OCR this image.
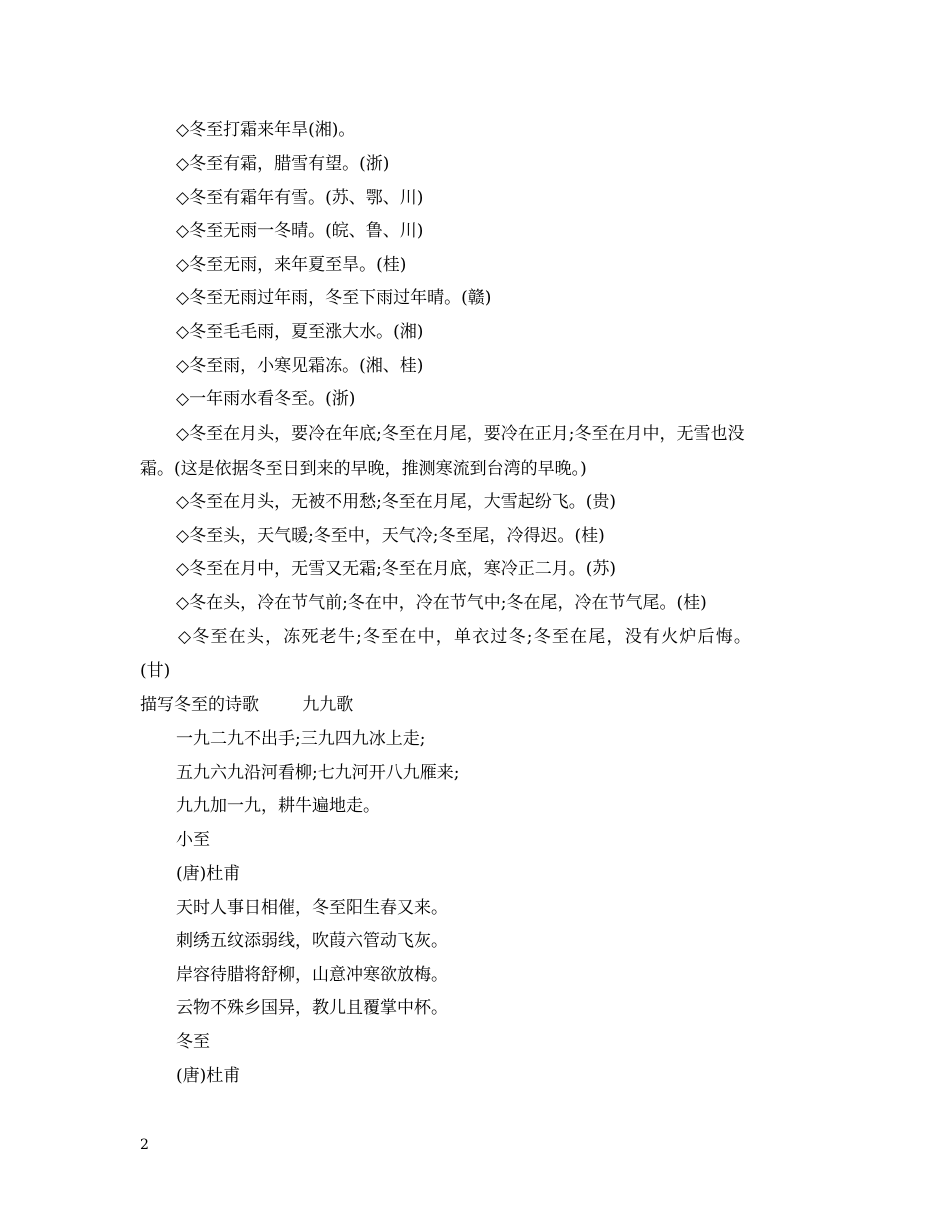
◇冬至打霜来年旱(湘)。
◇冬至有霜，腊雪有望。(浙)
◇冬至有霜年有雪。(苏、鄂、川)
◇冬至无雨一冬晴。(皖、鲁、川)
◇冬至无雨，来年夏至旱。(桂)
◇冬至无雨过年雨，冬至下雨过年晴。(赣)
◇冬至毛毛雨，夏至涨大水。(湘)
◇冬至雨，小寒见霜冻。(湘、桂)
◇一年雨水看冬至。(浙)
◇冬至在月头，要冷在年底;冬至在月尾，要冷在正月;冬至在月中，无雪也没
霜。(这是依据冬至日到来的早晚，推测寒流到台湾的早晚。)
◇冬至在月头，无被不用愁;冬至在月尾，大雪起纷飞。(贵)
◇冬至头，天气暖;冬至中，天气冷;冬至尾，冷得迟。(桂)
◇冬至在月中，无雪又无霜;冬至在月底，寒冷正二月。(苏)
◇冬在头，冷在节气前;冬在中，冷在节气中;冬在尾，冷在节气尾。(桂)
◇冬至在头，冻死老牛;冬至在中，单衣过冬;冬至在尾，没有火炉后悔。
(甘)
描写冬至的诗歌        九九歌
一九二九不出手;三九四九冰上走;
五九六九沿河看柳;七九河开八九雁来;
九九加一九，耕牛遍地走。
小至
(唐)杜甫
天时人事日相催，冬至阳生春又来。
刺绣五纹添弱线，吹葭六管动飞灰。
岸容待腊将舒柳，山意冲寒欲放梅。
云物不殊乡国异，教儿且覆掌中杯。
冬至
(唐)杜甫
2
